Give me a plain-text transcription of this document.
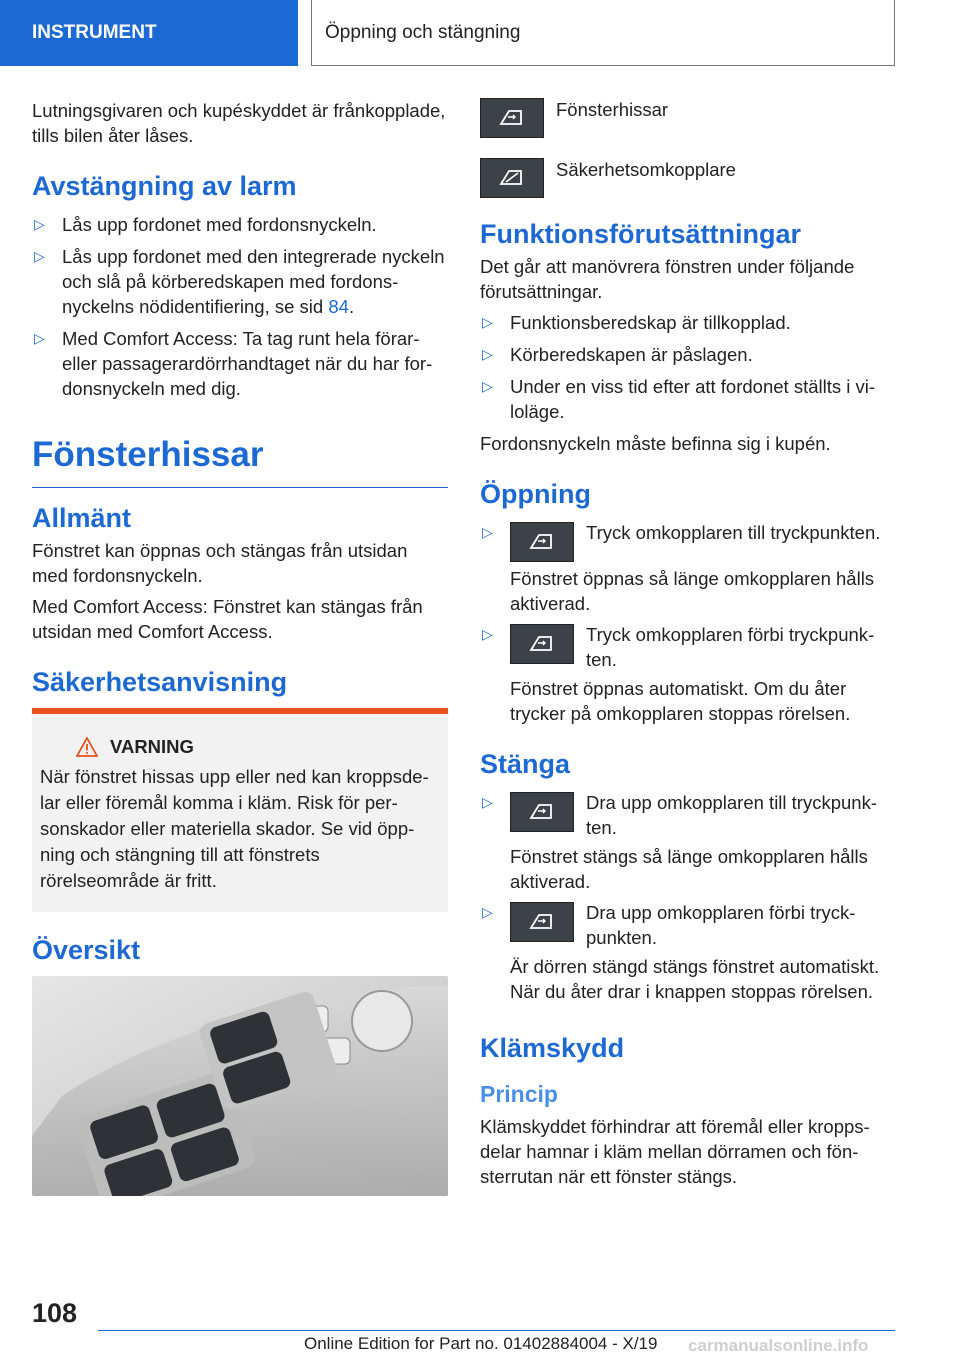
INSTRUMENT	Öppning och stängning

Lutningsgivaren och kupéskyddet är frånkopplade, tills bilen åter låses.

Avstängning av larm
▷ Lås upp fordonet med fordonsnyckeln.
▷ Lås upp fordonet med den integrerade nyckeln och slå på körberedskapen med fordonsnyckelns nödidentifiering, se sid 84.
▷ Med Comfort Access: Ta tag runt hela förar- eller passagerardörrhandtaget när du har fordonsnyckeln med dig.
Fönsterhissar
Allmänt

Fönstret kan öppnas och stängas från utsidan med fordonsnyckeln.

Med Comfort Access: Fönstret kan stängas från utsidan med Comfort Access.

Säkerhetsanvisning
VARNING

När fönstret hissas upp eller ned kan kroppsdelar eller föremål komma i kläm. Risk för personskador eller materiella skador. Se vid öppning och stängning till att fönstrets rörelseområde är fritt.

Översikt
Fönsterhissar
Säkerhetsomkopplare
Funktionsförutsättningar

Det går att manövrera fönstren under följande förutsättningar.

▷ Funktionsberedskap är tillkopplad.
▷ Körberedskapen är påslagen.
▷ Under en viss tid efter att fordonet ställts i viloläge.

Fordonsnyckeln måste befinna sig i kupén.

Öppning
▷	Tryck omkopplaren till tryckpunkten.
Fönstret öppnas så länge omkopplaren hålls aktiverad.
▷	Tryck omkopplaren förbi tryckpunkten.
Fönstret öppnas automatiskt. Om du åter trycker på omkopplaren stoppas rörelsen.
Stänga
▷	Dra upp omkopplaren till tryckpunkten.
Fönstret stängs så länge omkopplaren hålls aktiverad.
▷	Dra upp omkopplaren förbi tryckpunkten.
Är dörren stängd stängs fönstret automatiskt. När du åter drar i knappen stoppas rörelsen.
Klämskydd
Princip

Klämskyddet förhindrar att föremål eller kroppsdelar hamnar i kläm mellan dörramen och fönsterrutan när ett fönster stängs.

108
Online Edition for Part no. 01402884004 - X/19 carmanualsonline.info
